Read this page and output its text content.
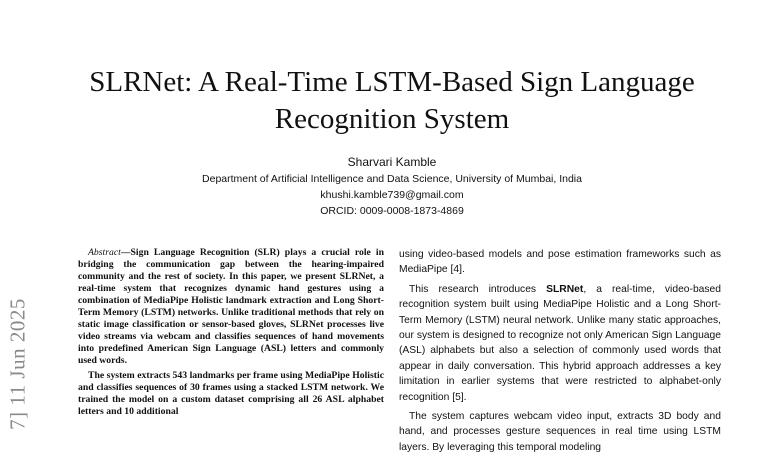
7] 11 Jun 2025
SLRNet: A Real-Time LSTM-Based Sign Language
Recognition System
Sharvari Kamble
Department of Artificial Intelligence and Data Science, University of Mumbai, India
khushi.kamble739@gmail.com
ORCID: 0009-0008-1873-4869

Abstract—Sign Language Recognition (SLR) plays a crucial role in bridging the communication gap between the hearing-impaired community and the rest of society. In this paper, we present SLRNet, a real-time system that recognizes dynamic hand gestures using a combination of MediaPipe Holistic landmark extraction and Long Short-Term Memory (LSTM) networks. Unlike traditional methods that rely on static image classification or sensor-based gloves, SLRNet processes live video streams via webcam and classifies sequences of hand movements into predefined American Sign Language (ASL) letters and commonly used words.

The system extracts 543 landmarks per frame using MediaPipe Holistic and classifies sequences of 30 frames using a stacked LSTM network. We trained the model on a custom dataset comprising all 26 ASL alphabet letters and 10 additional

using video-based models and pose estimation frameworks such as MediaPipe [4].

This research introduces SLRNet, a real-time, video-based recognition system built using MediaPipe Holistic and a Long Short-Term Memory (LSTM) neural network. Unlike many static approaches, our system is designed to recognize not only American Sign Language (ASL) alphabets but also a selection of commonly used words that appear in daily conversation. This hybrid approach addresses a key limitation in earlier systems that were restricted to alphabet-only recognition [5].

The system captures webcam video input, extracts 3D body and hand, and processes gesture sequences in real time using LSTM layers. By leveraging this temporal modeling
